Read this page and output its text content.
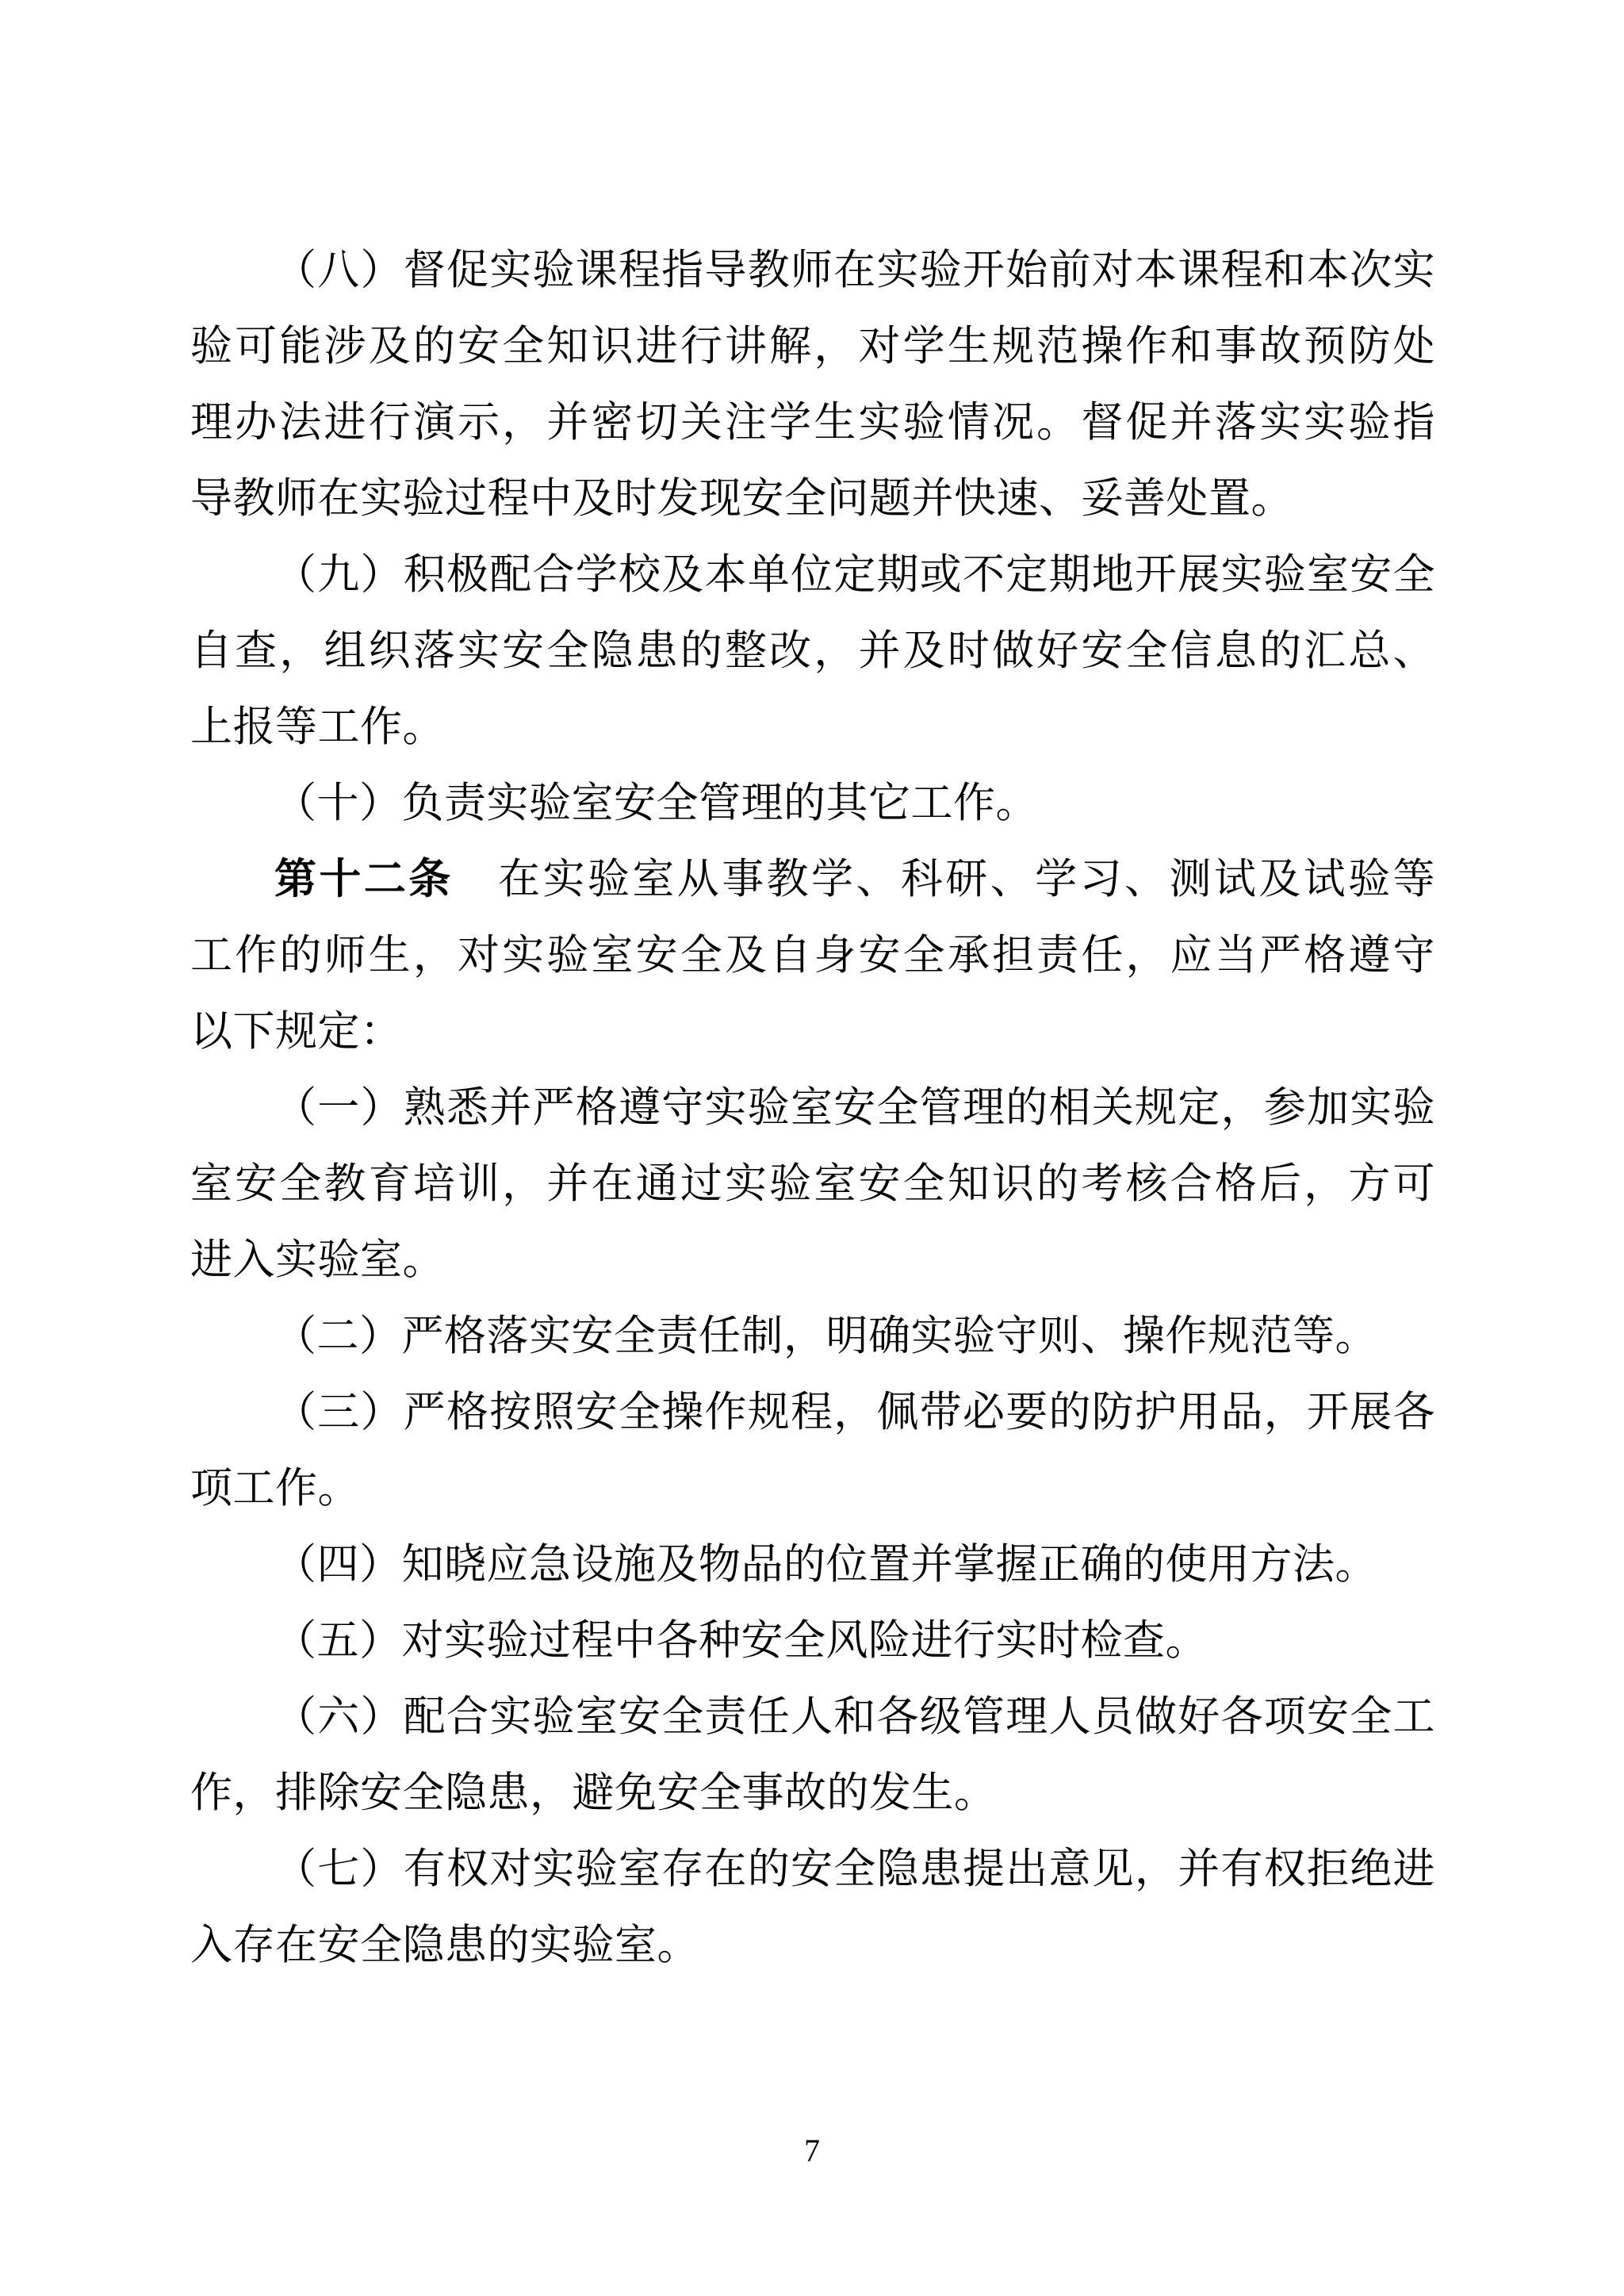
（八）督促实验课程指导教师在实验开始前对本课程和本次实
验可能涉及的安全知识进行讲解，对学生规范操作和事故预防处
理办法进行演示，并密切关注学生实验情况。督促并落实实验指
导教师在实验过程中及时发现安全问题并快速、妥善处置。
（九）积极配合学校及本单位定期或不定期地开展实验室安全
自查，组织落实安全隐患的整改，并及时做好安全信息的汇总、
上报等工作。
（十）负责实验室安全管理的其它工作。
第十二条　在实验室从事教学、科研、学习、测试及试验等
工作的师生，对实验室安全及自身安全承担责任，应当严格遵守
以下规定：
（一）熟悉并严格遵守实验室安全管理的相关规定，参加实验
室安全教育培训，并在通过实验室安全知识的考核合格后，方可
进入实验室。
（二）严格落实安全责任制，明确实验守则、操作规范等。
（三）严格按照安全操作规程，佩带必要的防护用品，开展各
项工作。
（四）知晓应急设施及物品的位置并掌握正确的使用方法。
（五）对实验过程中各种安全风险进行实时检查。
（六）配合实验室安全责任人和各级管理人员做好各项安全工
作，排除安全隐患，避免安全事故的发生。
（七）有权对实验室存在的安全隐患提出意见，并有权拒绝进
入存在安全隐患的实验室。
7
